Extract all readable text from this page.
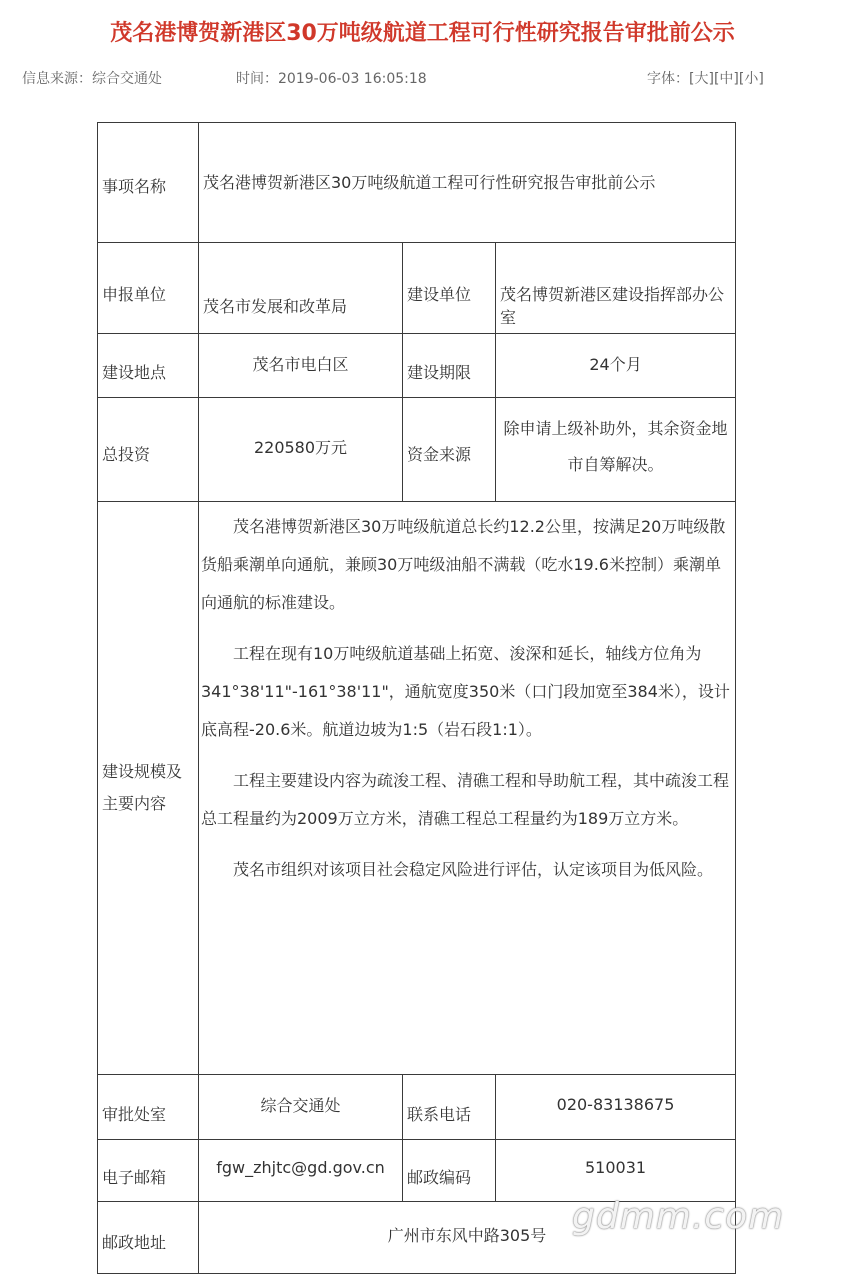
茂名港博贺新港区30万吨级航道工程可行性研究报告审批前公示
信息来源：综合交通处	时间：2019-06-03 16:05:18	字体：[大][中][小]
事项名称	茂名港博贺新港区30万吨级航道工程可行性研究报告审批前公示		
申报单位	茂名市发展和改革局	建设单位	茂名博贺新港区建设指挥部办公室
建设地点	茂名市电白区	建设期限	24个月
总投资	220580万元	资金来源	除申请上级补助外，其余资金地市自筹解决。
建设规模及主要内容	茂名港博贺新港区30万吨级航道总长约12.2公里，按满足20万吨级散货船乘潮单向通航，兼顾30万吨级油船不满载（吃水19.6米控制）乘潮单向通航的标准建设。

工程在现有10万吨级航道基础上拓宽、浚深和延长，轴线方位角为341°38'11"-161°38'11"，通航宽度350米（口门段加宽至384米），设计底高程-20.6米。航道边坡为1:5（岩石段1:1）。

工程主要建设内容为疏浚工程、清礁工程和导助航工程，其中疏浚工程总工程量约为2009万立方米，清礁工程总工程量约为189万立方米。

茂名市组织对该项目社会稳定风险进行评估，认定该项目为低风险。		

审批处室	综合交通处	联系电话	020-83138675
电子邮箱	fgw_zhjtc@gd.gov.cn	邮政编码	510031
邮政地址	广州市东风中路305号		gdmm.com
